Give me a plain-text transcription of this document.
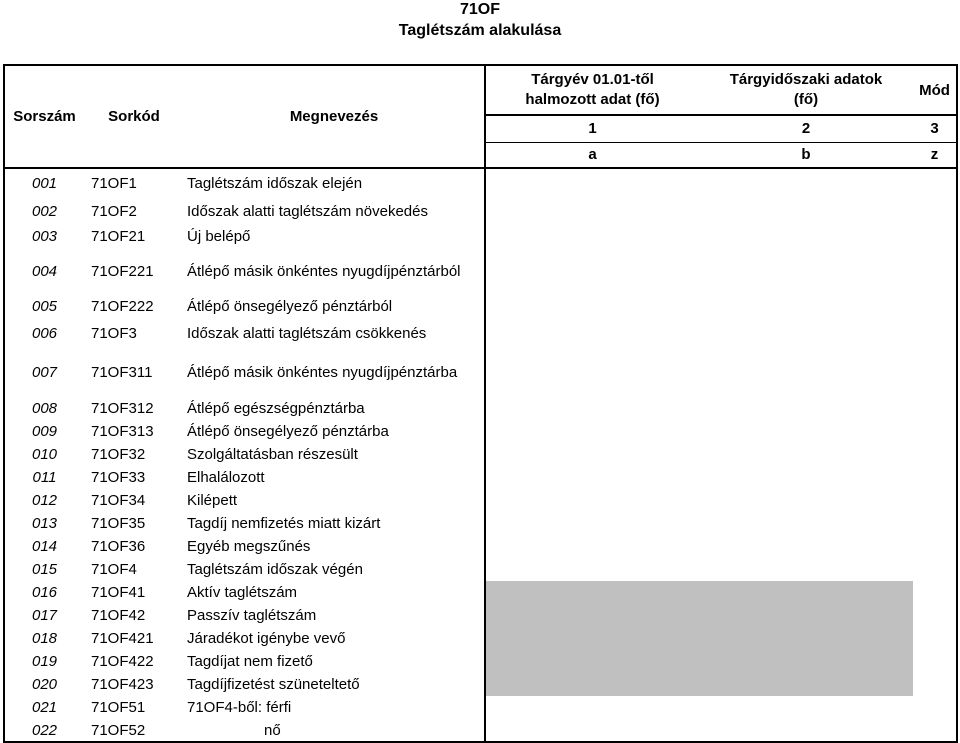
71OF
Taglétszám alakulása
Sorszám	Sorkód	Megnevezés	Tárgyév 01.01-től
halmozott adat (fő)	Tárgyidőszaki adatok
(fő)	Mód

			1	2	3
			a	b	z
001	71OF1	Taglétszám időszak elején			
002	71OF2	Időszak alatti taglétszám növekedés			
003	71OF21	Új belépő			
004	71OF221	Átlépő másik önkéntes nyugdíjpénztárból			
005	71OF222	Átlépő önsegélyező pénztárból			
006	71OF3	Időszak alatti taglétszám csökkenés			
007	71OF311	Átlépő másik önkéntes nyugdíjpénztárba			
008	71OF312	Átlépő egészségpénztárba			
009	71OF313	Átlépő önsegélyező pénztárba			
010	71OF32	Szolgáltatásban részesült			
011	71OF33	Elhalálozott			
012	71OF34	Kilépett			
013	71OF35	Tagdíj nemfizetés miatt kizárt			
014	71OF36	Egyéb megszűnés			
015	71OF4	Taglétszám időszak végén			
016	71OF41	Aktív taglétszám			
017	71OF42	Passzív taglétszám			
018	71OF421	Járadékot igénybe vevő			
019	71OF422	Tagdíjat nem fizető			
020	71OF423	Tagdíjfizetést szüneteltető			
021	71OF51	71OF4-ből: férfi			
022	71OF52	nő			
